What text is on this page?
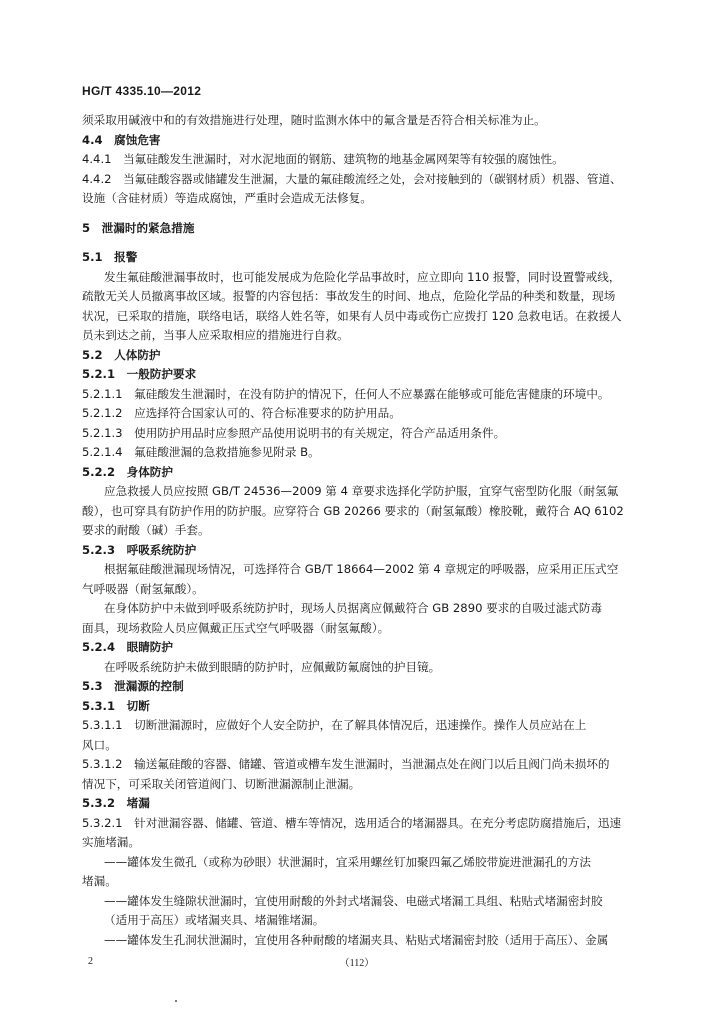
HG/T 4335.10—2012
须采取用碱液中和的有效措施进行处理，随时监测水体中的氟含量是否符合相关标准为止。
4.4　腐蚀危害
4.4.1　当氟硅酸发生泄漏时，对水泥地面的钢筋、建筑物的地基金属网架等有较强的腐蚀性。
4.4.2　当氟硅酸容器或储罐发生泄漏，大量的氟硅酸流经之处，会对接触到的（碳钢材质）机器、管道、
设施（含硅材质）等造成腐蚀，严重时会造成无法修复。
5　泄漏时的紧急措施
5.1　报警
发生氟硅酸泄漏事故时，也可能发展成为危险化学品事故时，应立即向 110 报警，同时设置警戒线，
疏散无关人员撤离事故区域。报警的内容包括：事故发生的时间、地点，危险化学品的种类和数量，现场
状况，已采取的措施，联络电话，联络人姓名等，如果有人员中毒或伤亡应拨打 120 急救电话。在救援人
员未到达之前，当事人应采取相应的措施进行自救。
5.2　人体防护
5.2.1　一般防护要求
5.2.1.1　氟硅酸发生泄漏时，在没有防护的情况下，任何人不应暴露在能够或可能危害健康的环境中。
5.2.1.2　应选择符合国家认可的、符合标准要求的防护用品。
5.2.1.3　使用防护用品时应参照产品使用说明书的有关规定，符合产品适用条件。
5.2.1.4　氟硅酸泄漏的急救措施参见附录 B。
5.2.2　身体防护
应急救援人员应按照 GB/T 24536—2009 第 4 章要求选择化学防护服，宜穿气密型防化服（耐氢氟
酸），也可穿具有防护作用的防护服。应穿符合 GB 20266 要求的（耐氢氟酸）橡胶靴，戴符合 AQ 6102
要求的耐酸（碱）手套。
5.2.3　呼吸系统防护
根据氟硅酸泄漏现场情况，可选择符合 GB/T 18664—2002 第 4 章规定的呼吸器，应采用正压式空
气呼吸器（耐氢氟酸）。
在身体防护中未做到呼吸系统防护时，现场人员据离应佩戴符合 GB 2890 要求的自吸过滤式防毒
面具，现场救险人员应佩戴正压式空气呼吸器（耐氢氟酸）。
5.2.4　眼睛防护
在呼吸系统防护未做到眼睛的防护时，应佩戴防氟腐蚀的护目镜。
5.3　泄漏源的控制
5.3.1　切断
5.3.1.1　切断泄漏源时，应做好个人安全防护，在了解具体情况后，迅速操作。操作人员应站在上
风口。
5.3.1.2　输送氟硅酸的容器、储罐、管道或槽车发生泄漏时，当泄漏点处在阀门以后且阀门尚未损坏的
情况下，可采取关闭管道阀门、切断泄漏源制止泄漏。
5.3.2　堵漏
5.3.2.1　针对泄漏容器、储罐、管道、槽车等情况，选用适合的堵漏器具。在充分考虑防腐措施后，迅速
实施堵漏。
——罐体发生微孔（或称为砂眼）状泄漏时，宜采用螺丝钉加聚四氟乙烯胶带旋进泄漏孔的方法
堵漏。
——罐体发生缝隙状泄漏时，宜使用耐酸的外封式堵漏袋、电磁式堵漏工具组、粘贴式堵漏密封胶
（适用于高压）或堵漏夹具、堵漏锥堵漏。
——罐体发生孔洞状泄漏时，宜使用各种耐酸的堵漏夹具、粘贴式堵漏密封胶（适用于高压）、金属
2	（112）
